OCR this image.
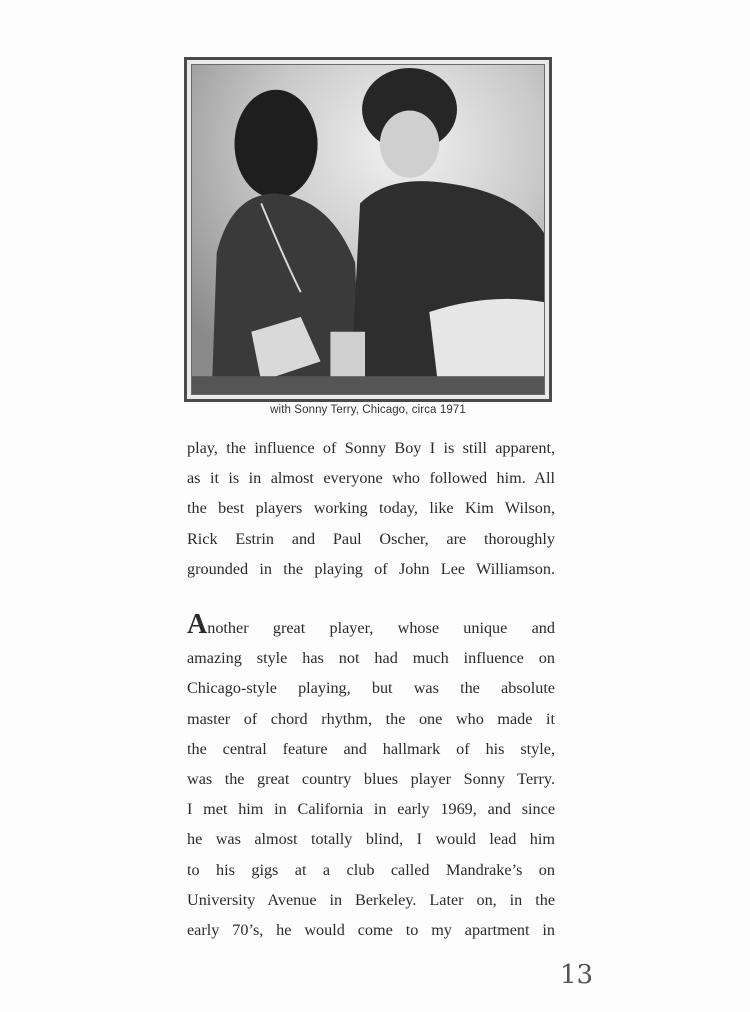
with Sonny Terry, Chicago, circa 1971
play, the influence of Sonny Boy I is still apparent,
as it is in almost everyone who followed him. All
the best players working today, like Kim Wilson,
Rick Estrin and Paul Oscher, are thoroughly
grounded in the playing of John Lee Williamson.
Another great player, whose unique and
amazing style has not had much influence on
Chicago-style playing, but was the absolute
master of chord rhythm, the one who made it
the central feature and hallmark of his style,
was the great country blues player Sonny Terry.
I met him in California in early 1969, and since
he was almost totally blind, I would lead him
to his gigs at a club called Mandrake’s on
University Avenue in Berkeley. Later on, in the
early 70’s, he would come to my apartment in
13
